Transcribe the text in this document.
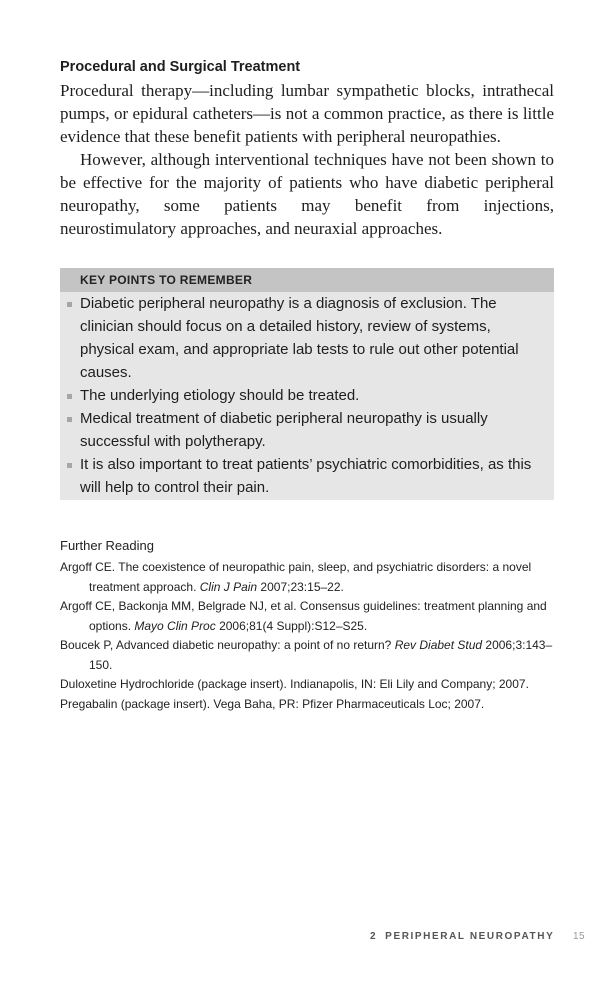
Procedural and Surgical Treatment

Procedural therapy—including lumbar sympathetic blocks, intrathecal pumps, or epidural catheters—is not a common practice, as there is little evidence that these benefit patients with peripheral neuropathies.

However, although interventional techniques have not been shown to be effective for the majority of patients who have diabetic peripheral neuropathy, some patients may benefit from injections, neurostimulatory approaches, and neuraxial approaches.

KEY POINTS TO REMEMBER
Diabetic peripheral neuropathy is a diagnosis of exclusion. The clinician should focus on a detailed history, review of systems, physical exam, and appropriate lab tests to rule out other potential causes.
The underlying etiology should be treated.
Medical treatment of diabetic peripheral neuropathy is usually successful with polytherapy.
It is also important to treat patients’ psychiatric comorbidities, as this will help to control their pain.
Further Reading
Argoff CE. The coexistence of neuropathic pain, sleep, and psychiatric disorders: a novel treatment approach. Clin J Pain 2007;23:15–22.
Argoff CE, Backonja MM, Belgrade NJ, et al. Consensus guidelines: treatment planning and options. Mayo Clin Proc 2006;81(4 Suppl):S12–S25.
Boucek P, Advanced diabetic neuropathy: a point of no return? Rev Diabet Stud 2006;3:143–150.
Duloxetine Hydrochloride (package insert). Indianapolis, IN: Eli Lily and Company; 2007.
Pregabalin (package insert). Vega Baha, PR: Pfizer Pharmaceuticals Loc; 2007.
2 PERIPHERAL NEUROPATHY 15
